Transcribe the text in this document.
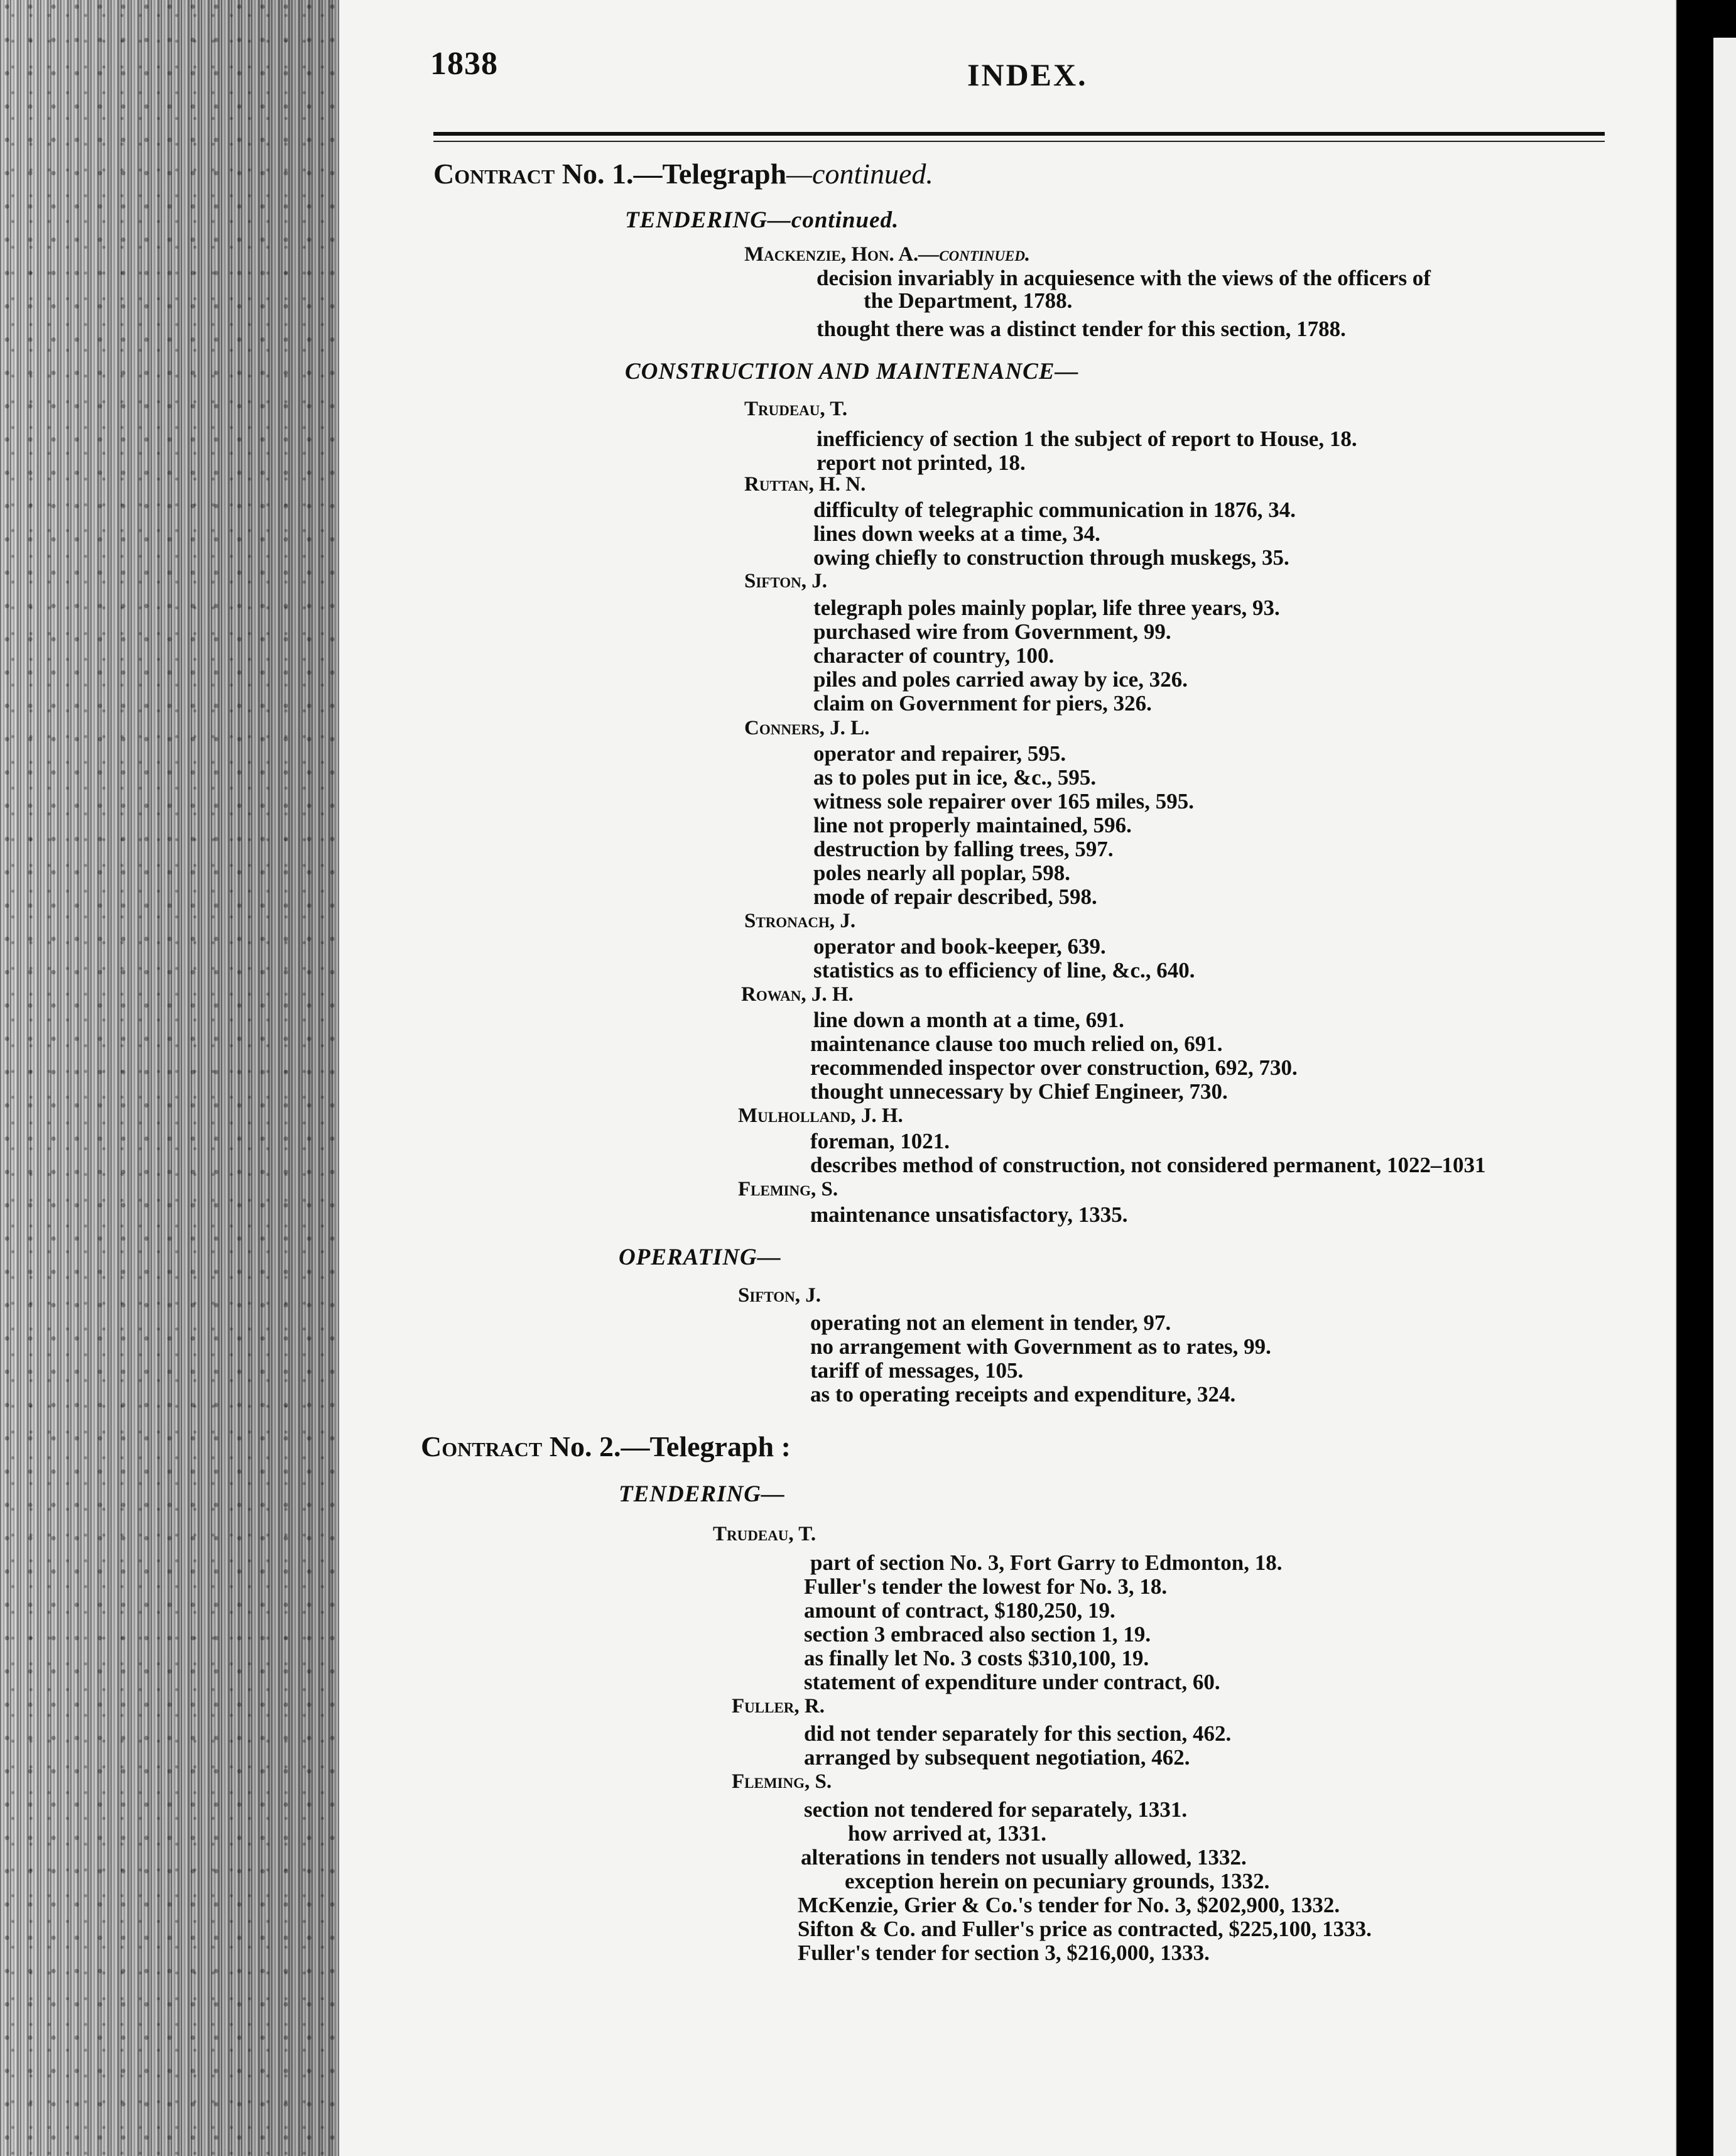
1838	INDEX.
Contract No. 1.—Telegraph—continued.
Contract No. 2.—Telegraph :
TENDERING—continued.
Mackenzie, Hon. A.—continued.
decision invariably in acquiesence with the views of the officers of
the Department, 1788.
thought there was a distinct tender for this section, 1788.
CONSTRUCTION AND MAINTENANCE—
Trudeau, T.
inefficiency of section 1 the subject of report to House, 18.
report not printed, 18.
Ruttan, H. N.
difficulty of telegraphic communication in 1876, 34.
lines down weeks at a time, 34.
owing chiefly to construction through muskegs, 35.
Sifton, J.
telegraph poles mainly poplar, life three years, 93.
purchased wire from Government, 99.
character of country, 100.
piles and poles carried away by ice, 326.
claim on Government for piers, 326.
Conners, J. L.
operator and repairer, 595.
as to poles put in ice, &c., 595.
witness sole repairer over 165 miles, 595.
line not properly maintained, 596.
destruction by falling trees, 597.
poles nearly all poplar, 598.
mode of repair described, 598.
Stronach, J.
operator and book-keeper, 639.
statistics as to efficiency of line, &c., 640.
Rowan, J. H.
line down a month at a time, 691.
maintenance clause too much relied on, 691.
recommended inspector over construction, 692, 730.
thought unnecessary by Chief Engineer, 730.
Mulholland, J. H.
foreman, 1021.
describes method of construction, not considered permanent, 1022–1031
Fleming, S.
maintenance unsatisfactory, 1335.
OPERATING—
Sifton, J.
operating not an element in tender, 97.
no arrangement with Government as to rates, 99.
tariff of messages, 105.
as to operating receipts and expenditure, 324.
TENDERING—
Trudeau, T.
part of section No. 3, Fort Garry to Edmonton, 18.
Fuller's tender the lowest for No. 3, 18.
amount of contract, $180,250, 19.
section 3 embraced also section 1, 19.
as finally let No. 3 costs $310,100, 19.
statement of expenditure under contract, 60.
Fuller, R.
did not tender separately for this section, 462.
arranged by subsequent negotiation, 462.
Fleming, S.
section not tendered for separately, 1331.
how arrived at, 1331.
alterations in tenders not usually allowed, 1332.
exception herein on pecuniary grounds, 1332.
McKenzie, Grier & Co.'s tender for No. 3, $202,900, 1332.
Sifton & Co. and Fuller's price as contracted, $225,100, 1333.
Fuller's tender for section 3, $216,000, 1333.
